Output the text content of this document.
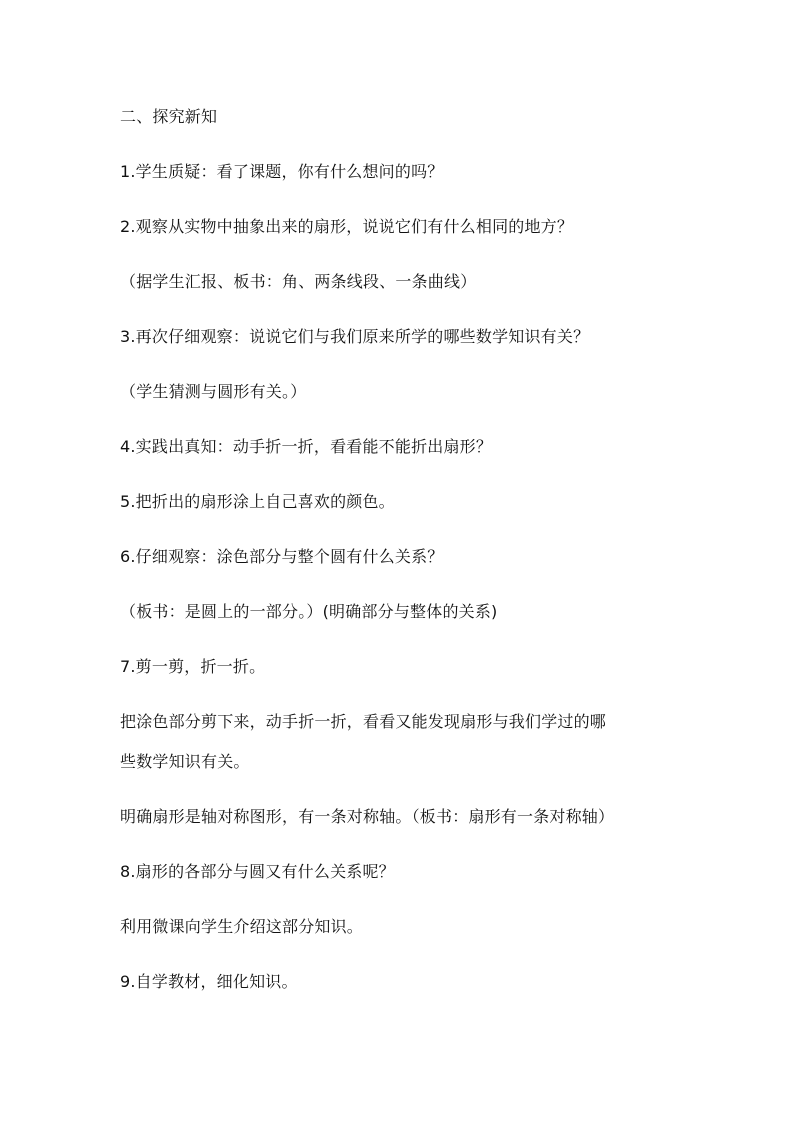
二、探究新知
1.学生质疑：看了课题，你有什么想问的吗？
2.观察从实物中抽象出来的扇形，说说它们有什么相同的地方？
（据学生汇报、板书：角、两条线段、一条曲线）
3.再次仔细观察：说说它们与我们原来所学的哪些数学知识有关？
（学生猜测与圆形有关。）
4.实践出真知：动手折一折，看看能不能折出扇形？
5.把折出的扇形涂上自己喜欢的颜色。
6.仔细观察：涂色部分与整个圆有什么关系？
（板书：是圆上的一部分。）(明确部分与整体的关系)
7.剪一剪，折一折。
把涂色部分剪下来，动手折一折，看看又能发现扇形与我们学过的哪
些数学知识有关。
明确扇形是轴对称图形，有一条对称轴。（板书：扇形有一条对称轴）
8.扇形的各部分与圆又有什么关系呢？
利用微课向学生介绍这部分知识。
9.自学教材，细化知识。
